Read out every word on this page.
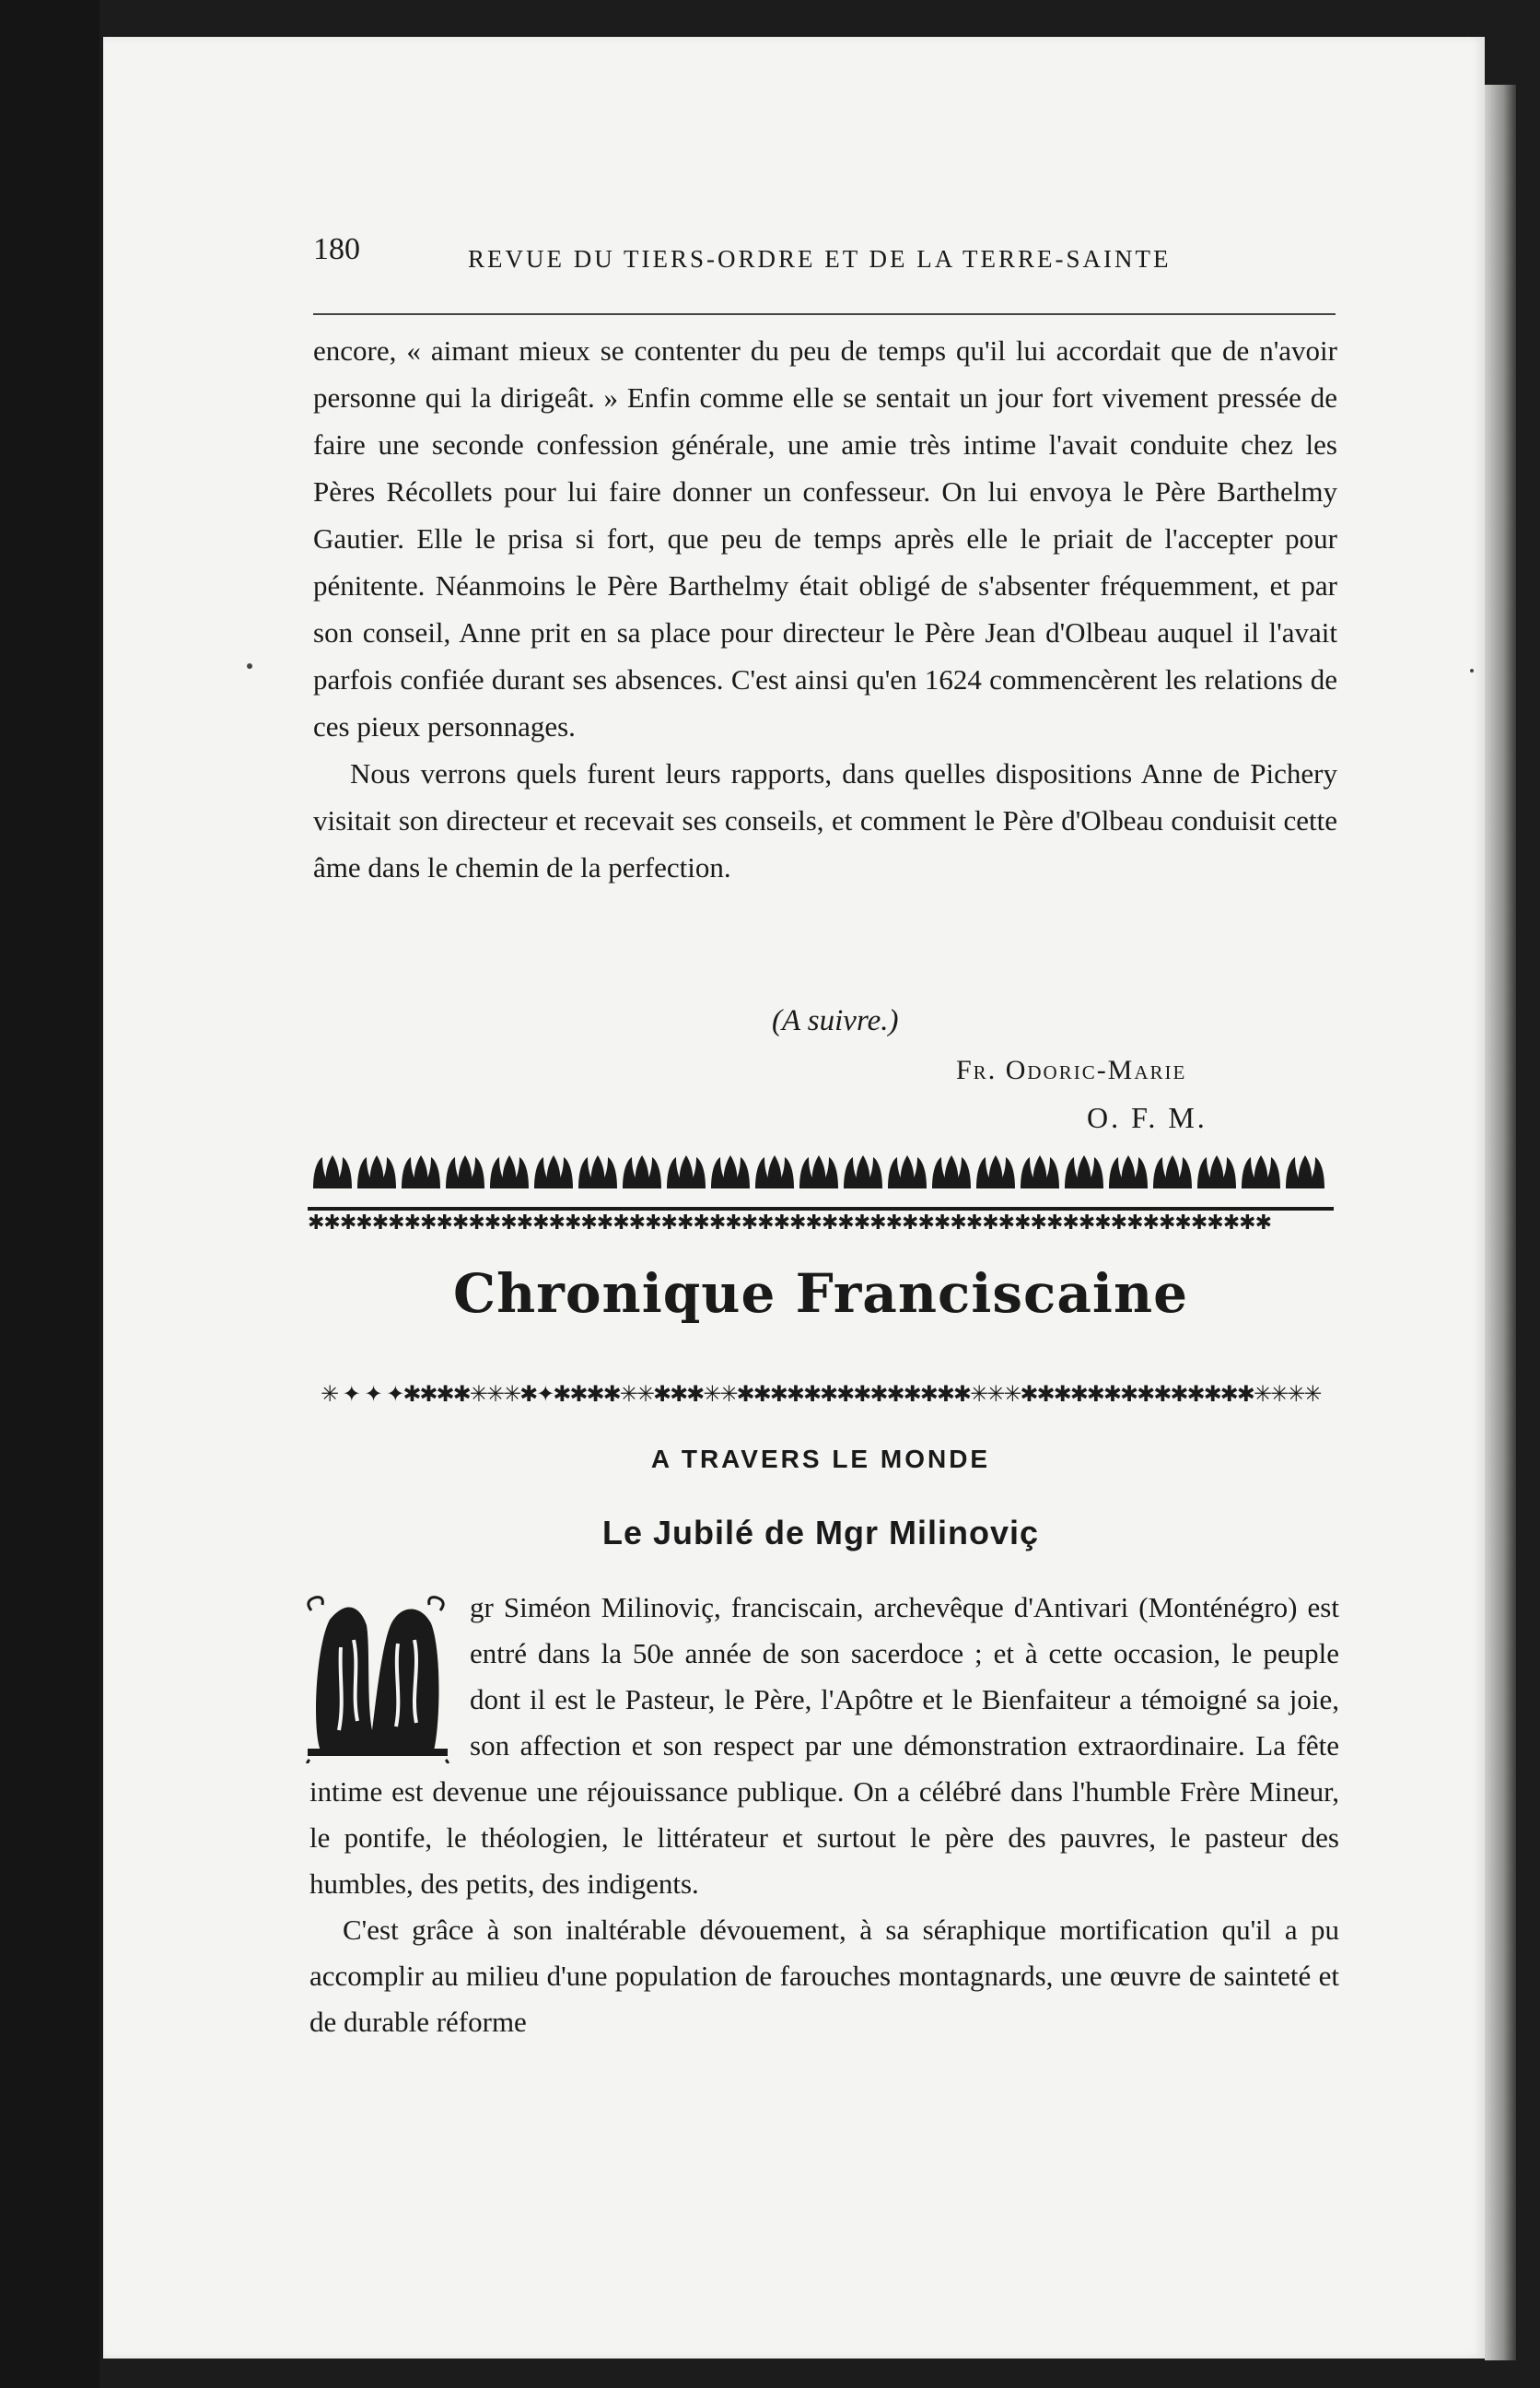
180	REVUE DU TIERS-ORDRE ET DE LA TERRE-SAINTE

encore, « aimant mieux se contenter du peu de temps qu'il lui accordait que de n'avoir personne qui la dirigeât. » Enfin comme elle se sentait un jour fort vivement pressée de faire une seconde confession générale, une amie très intime l'avait conduite chez les Pères Récollets pour lui faire donner un confesseur. On lui envoya le Père Barthelmy Gautier. Elle le prisa si fort, que peu de temps après elle le priait de l'accepter pour pénitente. Néanmoins le Père Barthelmy était obligé de s'absenter fréquemment, et par son conseil, Anne prit en sa place pour directeur le Père Jean d'Olbeau auquel il l'avait parfois confiée durant ses absences. C'est ainsi qu'en 1624 commencèrent les relations de ces pieux personnages.

Nous verrons quels furent leurs rapports, dans quelles dispositions Anne de Pichery visitait son directeur et recevait ses conseils, et comment le Père d'Olbeau conduisit cette âme dans le chemin de la perfection.

(A suivre.)
Fr. Odoric-Marie
O. F. M.
✱✱✱✱✱✱✱✱✱✱✱✱✱✱✱✱✱✱✱✱✱✱✱✱✱✱✱✱✱✱✱✱✱✱✱✱✱✱✱✱✱✱✱✱✱✱✱✱✱✱✱✱✱✱✱✱✱✱✱✱
Chronique Franciscaine
✳ ✦ ✦ ✦✱✱✱✱✳✳✳✱✦✱✱✱✱✳✳✱✱✱✳✳✱✱✱✱✱✱✱✱✱✱✱✱✱✱✳✳✳✱✱✱✱✱✱✱✱✱✱✱✱✱✱✳✳✳✳
A TRAVERS LE MONDE
Le Jubilé de Mgr Milinoviç

gr Siméon Milinoviç, franciscain, archevêque d'Antivari (Monténégro) est entré dans la 50e année de son sacerdoce ; et à cette occasion, le peuple dont il est le Pasteur, le Père, l'Apôtre et le Bienfaiteur a témoigné sa joie, son affection et son respect par une démonstration extraordinaire. La fête intime est devenue une réjouissance publique. On a célébré dans l'humble Frère Mineur, le pontife, le théologien, le littérateur et surtout le père des pauvres, le pasteur des humbles, des petits, des indigents.

C'est grâce à son inaltérable dévouement, à sa séraphique mortification qu'il a pu accomplir au milieu d'une population de farouches montagnards, une œuvre de sainteté et de durable réforme
